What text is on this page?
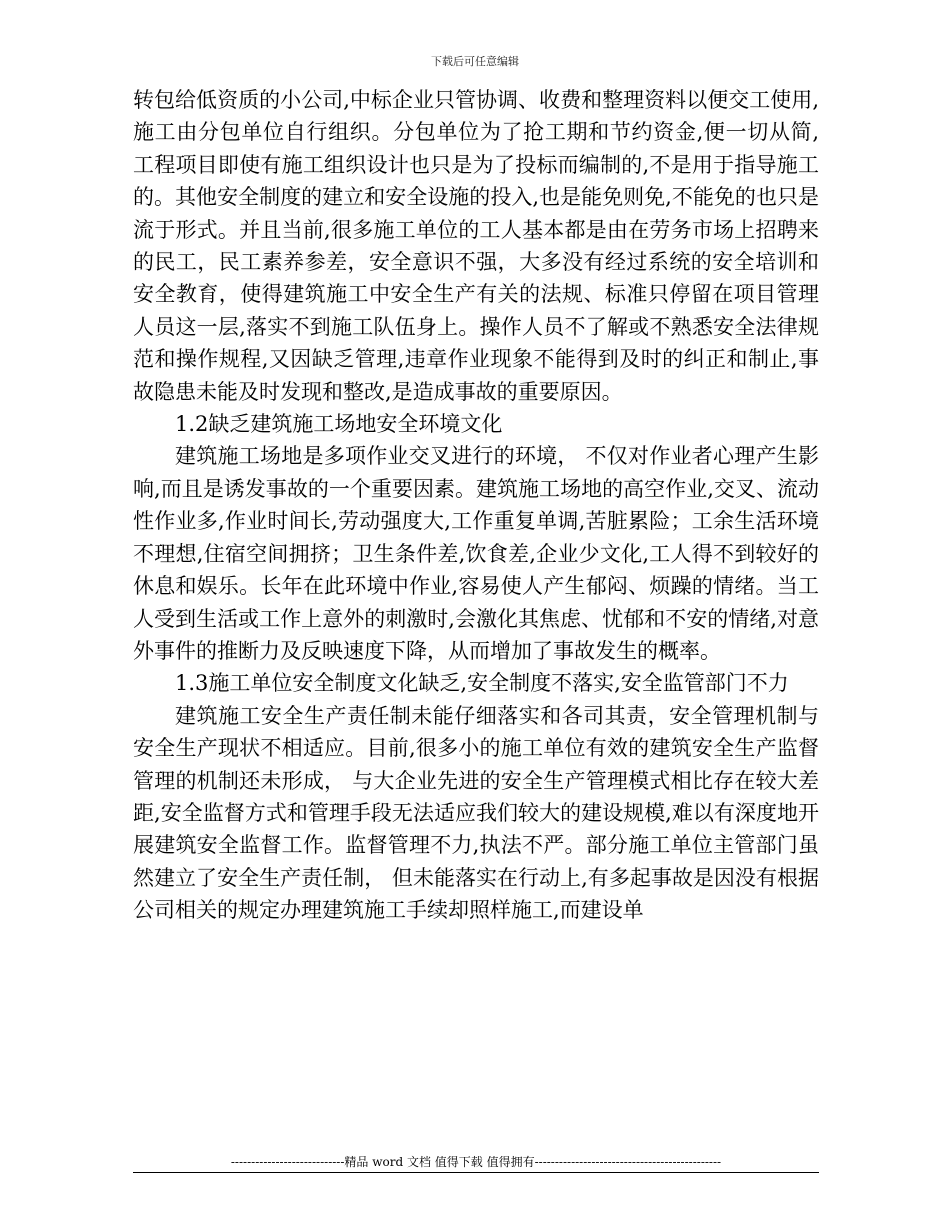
下载后可任意编辑

转包给低资质的小公司,中标企业只管协调、收费和整理资料以便交工使用,施工由分包单位自行组织。分包单位为了抢工期和节约资金,便一切从简, 工程项目即使有施工组织设计也只是为了投标而编制的,不是用于指导施工的。其他安全制度的建立和安全设施的投入,也是能免则免,不能免的也只是流于形式。并且当前,很多施工单位的工人基本都是由在劳务市场上招聘来的民工，民工素养参差，安全意识不强，大多没有经过系统的安全培训和安全教育，使得建筑施工中安全生产有关的法规、标准只停留在项目管理人员这一层,落实不到施工队伍身上。操作人员不了解或不熟悉安全法律规范和操作规程,又因缺乏管理,违章作业现象不能得到及时的纠正和制止,事故隐患未能及时发现和整改,是造成事故的重要原因。

1.2缺乏建筑施工场地安全环境文化

建筑施工场地是多项作业交叉进行的环境， 不仅对作业者心理产生影响,而且是诱发事故的一个重要因素。建筑施工场地的高空作业,交叉、流动性作业多,作业时间长,劳动强度大,工作重复单调,苦脏累险；工余生活环境不理想,住宿空间拥挤；卫生条件差,饮食差,企业少文化,工人得不到较好的休息和娱乐。长年在此环境中作业,容易使人产生郁闷、烦躁的情绪。当工人受到生活或工作上意外的刺激时,会激化其焦虑、忧郁和不安的情绪,对意外事件的推断力及反映速度下降，从而增加了事故发生的概率。

1.3施工单位安全制度文化缺乏,安全制度不落实,安全监管部门不力

建筑施工安全生产责任制未能仔细落实和各司其责，安全管理机制与安全生产现状不相适应。目前,很多小的施工单位有效的建筑安全生产监督管理的机制还未形成， 与大企业先进的安全生产管理模式相比存在较大差距,安全监督方式和管理手段无法适应我们较大的建设规模,难以有深度地开展建筑安全监督工作。监督管理不力,执法不严。部分施工单位主管部门虽然建立了安全生产责任制， 但未能落实在行动上,有多起事故是因没有根据公司相关的规定办理建筑施工手续却照样施工,而建设单

----------------------------精品 word 文档 值得下载 值得拥有----------------------------------------------
